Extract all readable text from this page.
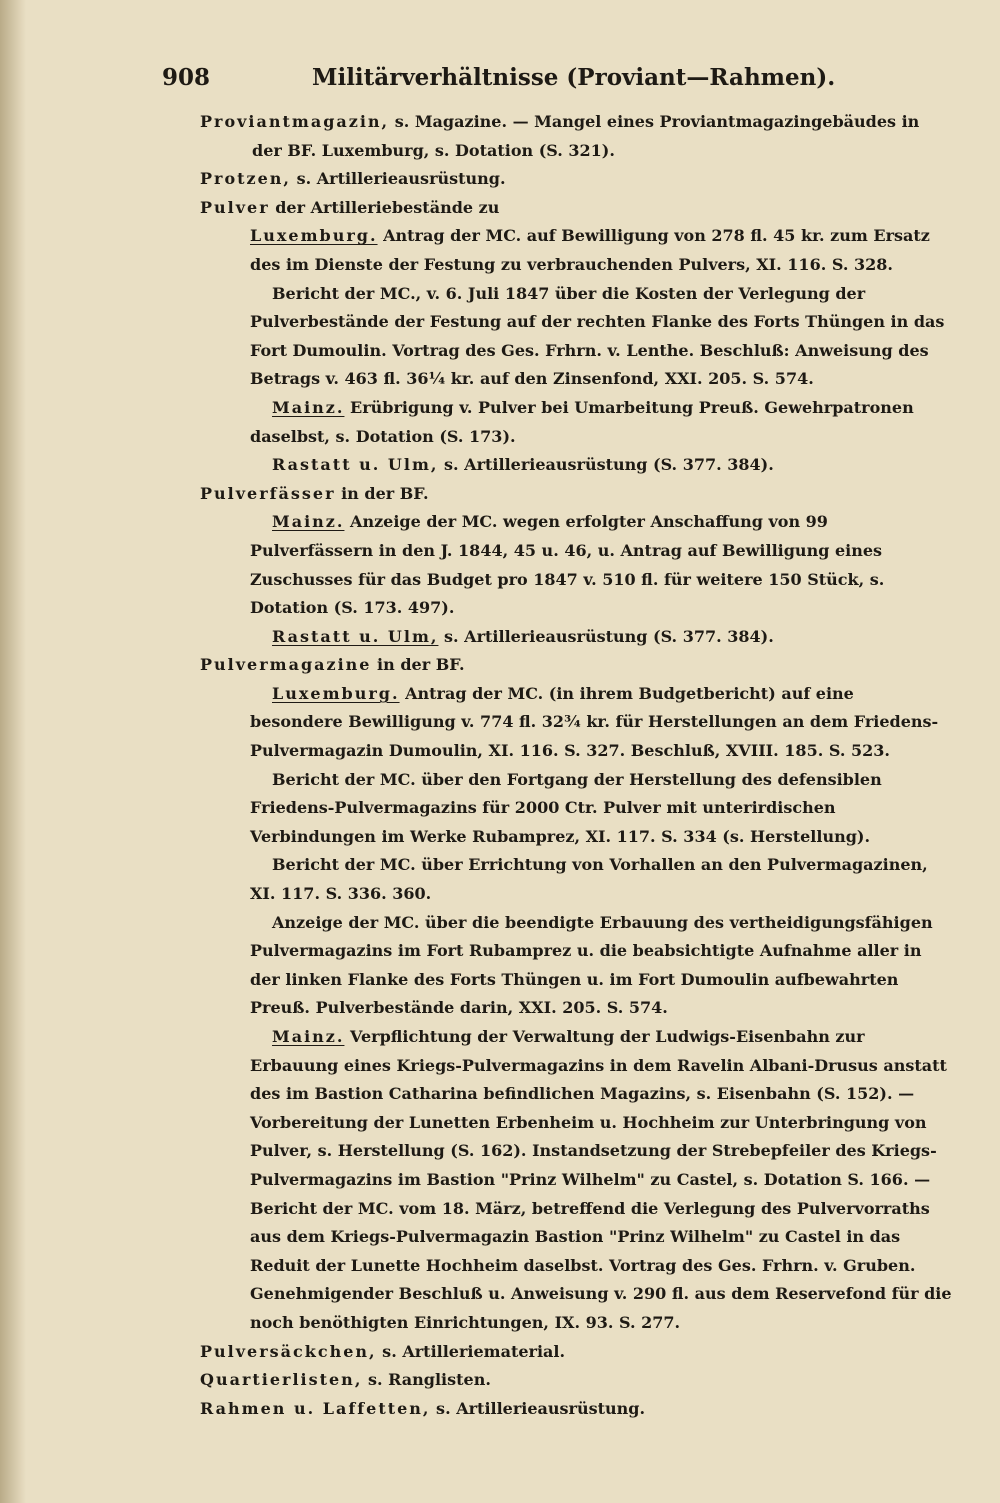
908	Militärverhältnisse (Proviant—Rahmen).

Proviantmagazin, s. Magazine. — Mangel eines Proviantmagazingebäudes in der BF. Luxemburg, s. Dotation (S. 321).

Protzen, s. Artillerieausrüstung.

Pulver der Artilleriebestände zu

Luxemburg. Antrag der MC. auf Bewilligung von 278 fl. 45 kr. zum Ersatz des im Dienste der Festung zu verbrauchenden Pulvers, XI. 116. S. 328.

Bericht der MC., v. 6. Juli 1847 über die Kosten der Verlegung der Pulverbestände der Festung auf der rechten Flanke des Forts Thüngen in das Fort Dumoulin. Vortrag des Ges. Frhrn. v. Lenthe. Beschluß: Anweisung des Betrags v. 463 fl. 36¼ kr. auf den Zinsenfond, XXI. 205. S. 574.

Mainz. Erübrigung v. Pulver bei Umarbeitung Preuß. Gewehrpatronen daselbst, s. Dotation (S. 173).

Rastatt u. Ulm, s. Artillerieausrüstung (S. 377. 384).

Pulverfässer in der BF.

Mainz. Anzeige der MC. wegen erfolgter Anschaffung von 99 Pulverfässern in den J. 1844, 45 u. 46, u. Antrag auf Bewilligung eines Zuschusses für das Budget pro 1847 v. 510 fl. für weitere 150 Stück, s. Dotation (S. 173. 497).

Rastatt u. Ulm, s. Artillerieausrüstung (S. 377. 384).

Pulvermagazine in der BF.

Luxemburg. Antrag der MC. (in ihrem Budgetbericht) auf eine besondere Bewilligung v. 774 fl. 32¾ kr. für Herstellungen an dem Friedens-Pulvermagazin Dumoulin, XI. 116. S. 327. Beschluß, XVIII. 185. S. 523.

Bericht der MC. über den Fortgang der Herstellung des defensiblen Friedens-Pulvermagazins für 2000 Ctr. Pulver mit unterirdischen Verbindungen im Werke Rubamprez, XI. 117. S. 334 (s. Herstellung).

Bericht der MC. über Errichtung von Vorhallen an den Pulvermagazinen, XI. 117. S. 336. 360.

Anzeige der MC. über die beendigte Erbauung des vertheidigungsfähigen Pulvermagazins im Fort Rubamprez u. die beabsichtigte Aufnahme aller in der linken Flanke des Forts Thüngen u. im Fort Dumoulin aufbewahrten Preuß. Pulverbestände darin, XXI. 205. S. 574.

Mainz. Verpflichtung der Verwaltung der Ludwigs-Eisenbahn zur Erbauung eines Kriegs-Pulvermagazins in dem Ravelin Albani-Drusus anstatt des im Bastion Catharina befindlichen Magazins, s. Eisenbahn (S. 152). — Vorbereitung der Lunetten Erbenheim u. Hochheim zur Unterbringung von Pulver, s. Herstellung (S. 162). Instandsetzung der Strebepfeiler des Kriegs-Pulvermagazins im Bastion "Prinz Wilhelm" zu Castel, s. Dotation S. 166. — Bericht der MC. vom 18. März, betreffend die Verlegung des Pulvervorraths aus dem Kriegs-Pulvermagazin Bastion "Prinz Wilhelm" zu Castel in das Reduit der Lunette Hochheim daselbst. Vortrag des Ges. Frhrn. v. Gruben. Genehmigender Beschluß u. Anweisung v. 290 fl. aus dem Reservefond für die noch benöthigten Einrichtungen, IX. 93. S. 277.

Pulversäckchen, s. Artilleriematerial.

Quartierlisten, s. Ranglisten.

Rahmen u. Laffetten, s. Artillerieausrüstung.
